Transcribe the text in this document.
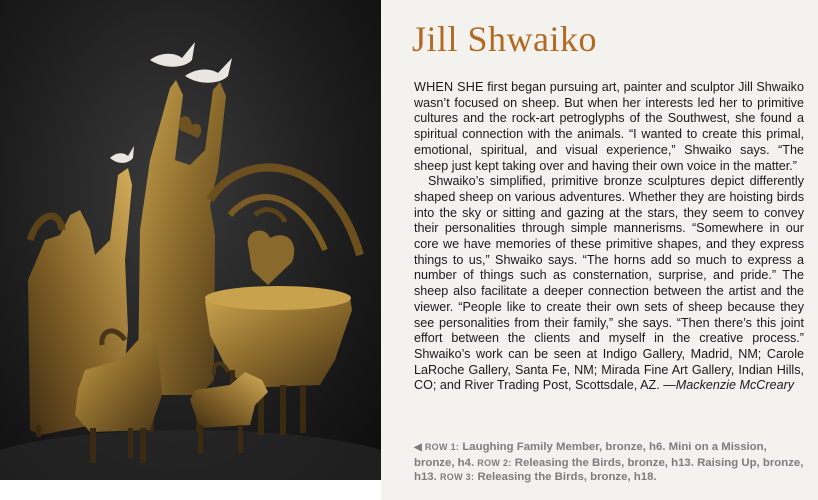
Jill Shwaiko

WHEN SHE first began pursuing art, painter and sculptor Jill Shwaiko wasn’t focused on sheep. But when her interests led her to primitive cultures and the rock-art petroglyphs of the Southwest, she found a spiritual connection with the animals. “I wanted to create this primal, emotional, spiritual, and visual experience,” Shwaiko says. “The sheep just kept taking over and having their own voice in the matter.”

Shwaiko’s simplified, primitive bronze sculptures depict differently shaped sheep on various adventures. Whether they are hoisting birds into the sky or sitting and gazing at the stars, they seem to convey their personalities through simple mannerisms. “Somewhere in our core we have memories of these primitive shapes, and they express things to us,” Shwaiko says. “The horns add so much to express a number of things such as consternation, surprise, and pride.” The sheep also facilitate a deeper connection between the artist and the viewer. “People like to create their own sets of sheep because they see personalities from their family,” she says. “Then there’s this joint effort between the clients and myself in the creative process.” Shwaiko’s work can be seen at Indigo Gallery, Madrid, NM; Carole LaRoche Gallery, Santa Fe, NM; Mirada Fine Art Gallery, Indian Hills, CO; and River Trading Post, Scottsdale, AZ. —Mackenzie McCreary

◀ ROW 1: Laughing Family Member, bronze, h6. Mini on a Mission, bronze, h4. ROW 2: Releasing the Birds, bronze, h13. Raising Up, bronze, h13. ROW 3: Releasing the Birds, bronze, h18.
